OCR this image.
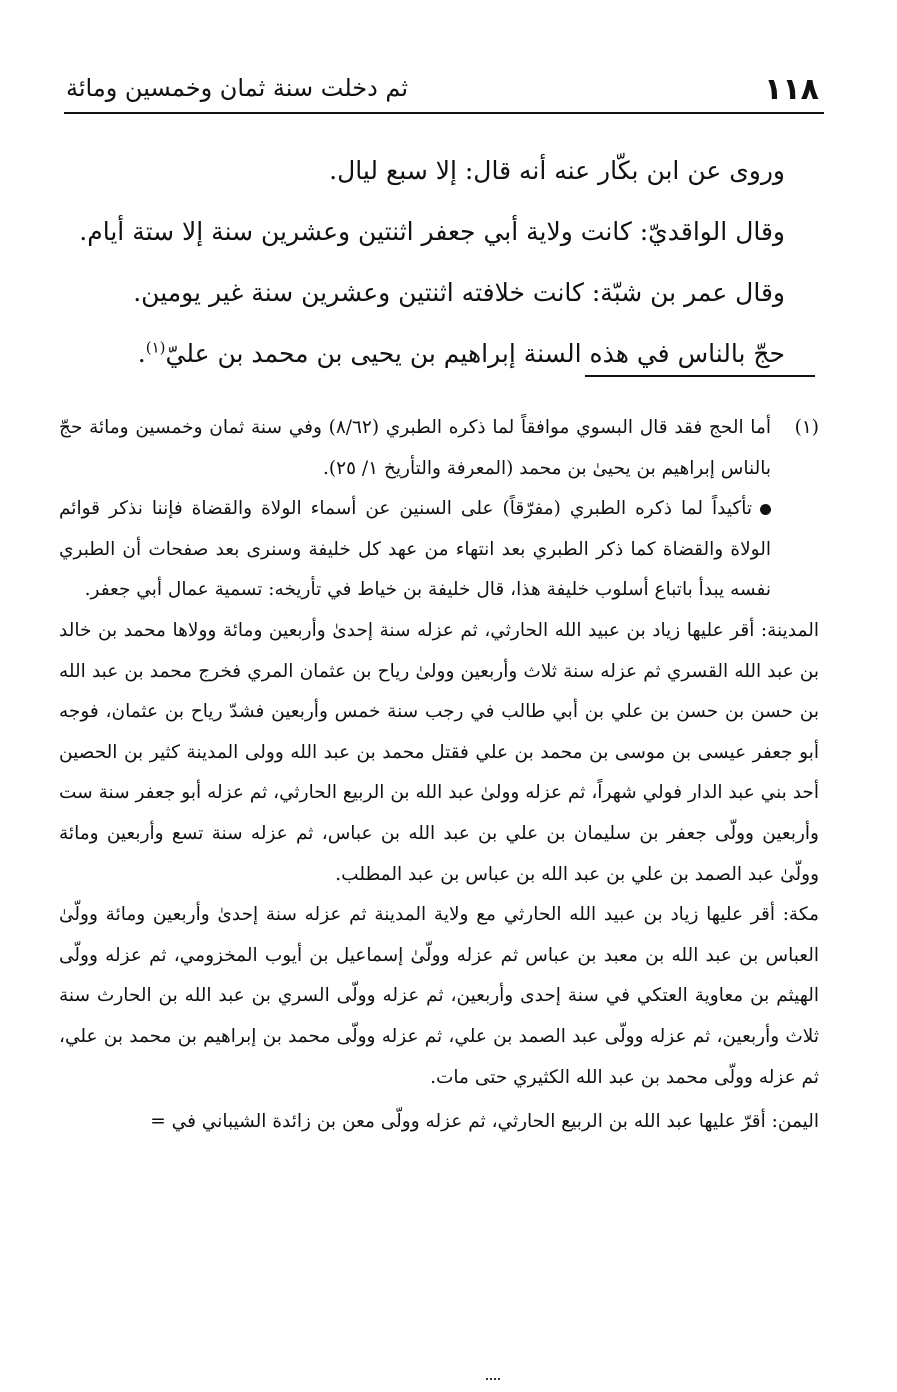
١١٨
ثم دخلت سنة ثمان وخمسين ومائة

وروى عن ابن بكّار عنه أنه قال: إلا سبع ليال.

وقال الواقديّ: كانت ولاية أبي جعفر اثنتين وعشرين سنة إلا ستة أيام.

وقال عمر بن شبّة: كانت خلافته اثنتين وعشرين سنة غير يومين.

حجّ بالناس في هذه السنة إبراهيم بن يحيى بن محمد بن عليّ$^{(١)}$.

(١)

أما الحج فقد قال البسوي موافقاً لما ذكره الطبري (٨/٦٢) وفي سنة ثمان وخمسين ومائة حجّ بالناس إبراهيم بن يحيىٰ بن محمد (المعرفة والتأريخ ١/ ٢٥).

تأكيداً لما ذكره الطبري (مفرّقاً) على السنين عن أسماء الولاة والقضاة فإننا نذكر قوائم الولاة والقضاة كما ذكر الطبري بعد انتهاء من عهد كل خليفة وسنرى بعد صفحات أن الطبري نفسه يبدأ باتباع أسلوب خليفة هذا، قال خليفة بن خياط في تأريخه: تسمية عمال أبي جعفر.

المدينة: أقر عليها زياد بن عبيد الله الحارثي، ثم عزله سنة إحدىٰ وأربعين ومائة وولاها محمد بن خالد بن عبد الله القسري ثم عزله سنة ثلاث وأربعين وولىٰ رياح بن عثمان المري فخرج محمد بن عبد الله بن حسن بن حسن بن علي بن أبي طالب في رجب سنة خمس وأربعين فشدّ رياح بن عثمان، فوجه أبو جعفر عيسى بن موسى بن محمد بن علي فقتل محمد بن عبد الله وولى المدينة كثير بن الحصين أحد بني عبد الدار فولي شهراً، ثم عزله وولىٰ عبد الله بن الربيع الحارثي، ثم عزله أبو جعفر سنة ست وأربعين وولّى جعفر بن سليمان بن علي بن عبد الله بن عباس، ثم عزله سنة تسع وأربعين ومائة وولّىٰ عبد الصمد بن علي بن عبد الله بن عباس بن عبد المطلب.

مكة: أقر عليها زياد بن عبيد الله الحارثي مع ولاية المدينة ثم عزله سنة إحدىٰ وأربعين ومائة وولّىٰ العباس بن عبد الله بن معبد بن عباس ثم عزله وولّىٰ إسماعيل بن أيوب المخزومي، ثم عزله وولّى الهيثم بن معاوية العتكي في سنة إحدى وأربعين، ثم عزله وولّى السري بن عبد الله بن الحارث سنة ثلاث وأربعين، ثم عزله وولّى عبد الصمد بن علي، ثم عزله وولّى محمد بن إبراهيم بن محمد بن علي، ثم عزله وولّى محمد بن عبد الله الكثيري حتى مات.

اليمن: أقرّ عليها عبد الله بن الربيع الحارثي، ثم عزله وولّى معن بن زائدة الشيباني في =
